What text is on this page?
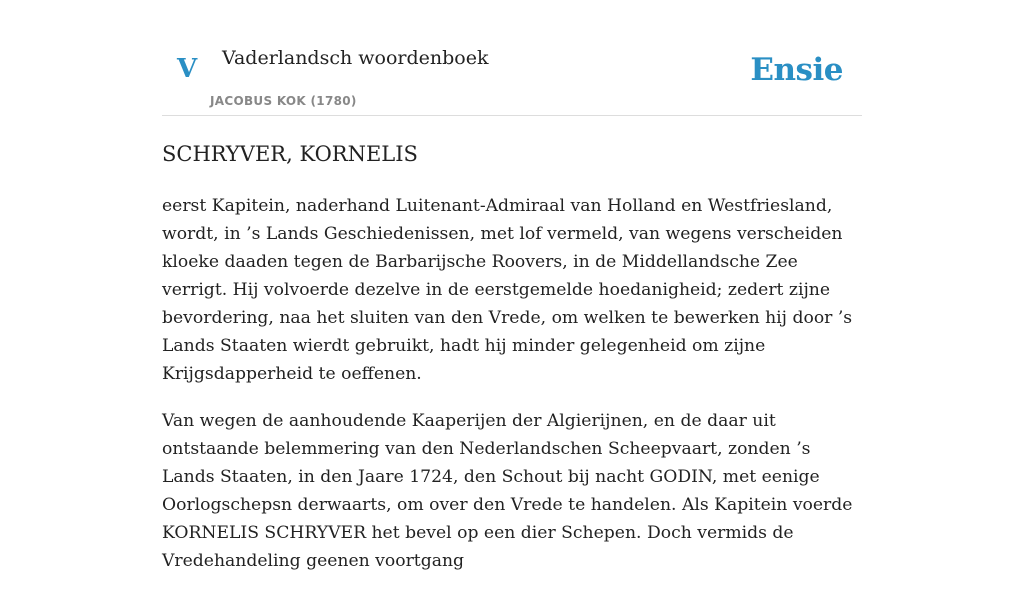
V Vaderlandsch woordenboek
JACOBUS KOK (1780)
Ensie
SCHRYVER, KORNELIS

eerst Kapitein, naderhand Luitenant-Admiraal van Holland en Westfriesland, wordt, in ’s Lands Geschiedenissen, met lof vermeld, van wegens verscheiden kloeke daaden tegen de Barbarijsche Roovers, in de Middellandsche Zee verrigt. Hij volvoerde dezelve in de eerstgemelde hoedanigheid; zedert zijne bevordering, naa het sluiten van den Vrede, om welken te bewerken hij door ’s Lands Staaten wierdt gebruikt, hadt hij minder gelegenheid om zijne Krijgsdapperheid te oeffenen.

Van wegen de aanhoudende Kaaperijen der Algierijnen, en de daar uit ontstaande belemmering van den Nederlandschen Scheepvaart, zonden ’s Lands Staaten, in den Jaare 1724, den Schout bij nacht GODIN, met eenige Oorlogschepsn derwaarts, om over den Vrede te handelen. Als Kapitein voerde KORNELIS SCHRYVER het bevel op een dier Schepen. Doch vermids de Vredehandeling geenen voortgang
